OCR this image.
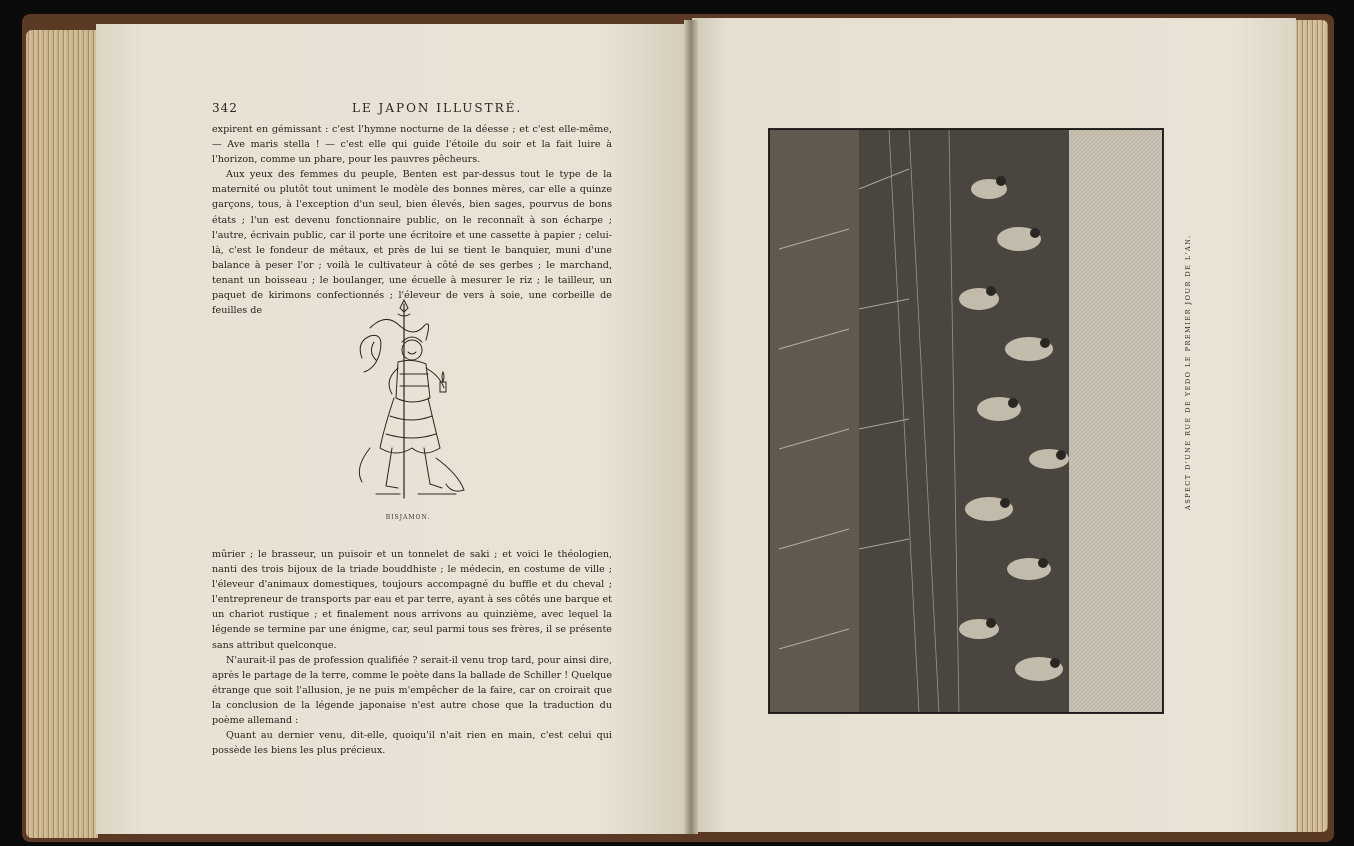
342	LE JAPON ILLUSTRÉ.

expirent en gémissant : c'est l'hymne nocturne de la déesse ; et c'est elle-même, — Ave maris stella ! — c'est elle qui guide l'étoile du soir et la fait luire à l'horizon, comme un phare, pour les pauvres pêcheurs.

Aux yeux des femmes du peuple, Benten est par-dessus tout le type de la maternité ou plutôt tout uniment le modèle des bonnes mères, car elle a quinze garçons, tous, à l'exception d'un seul, bien élevés, bien sages, pourvus de bons états ; l'un est devenu fonctionnaire public, on le reconnaît à son écharpe ; l'autre, écrivain public, car il porte une écritoire et une cassette à papier ; celui-là, c'est le fondeur de métaux, et près de lui se tient le banquier, muni d'une balance à peser l'or ; voilà le cultivateur à côté de ses gerbes ; le marchand, tenant un boisseau ; le boulanger, une écuelle à mesurer le riz ; le tailleur, un paquet de kirimons confectionnés ; l'éleveur de vers à soie, une corbeille de feuilles de

BISJAMON.

mûrier ; le brasseur, un puisoir et un tonnelet de saki ; et voici le théologien, nanti des trois bijoux de la triade bouddhiste ; le médecin, en costume de ville ; l'éleveur d'animaux domestiques, toujours accompagné du buffle et du cheval ; l'entrepreneur de transports par eau et par terre, ayant à ses côtés une barque et un chariot rustique ; et finalement nous arrivons au quinzième, avec lequel la légende se termine par une énigme, car, seul parmi tous ses frères, il se présente sans attribut quelconque.

N'aurait-il pas de profession qualifiée ? serait-il venu trop tard, pour ainsi dire, après le partage de la terre, comme le poète dans la ballade de Schiller ! Quelque étrange que soit l'allusion, je ne puis m'empêcher de la faire, car on croirait que la conclusion de la légende japonaise n'est autre chose que la traduction du poème allemand :

Quant au dernier venu, dit-elle, quoiqu'il n'ait rien en main, c'est celui qui possède les biens les plus précieux.

ASPECT D'UNE RUE DE YEDO LE PREMIER JOUR DE L'AN.
